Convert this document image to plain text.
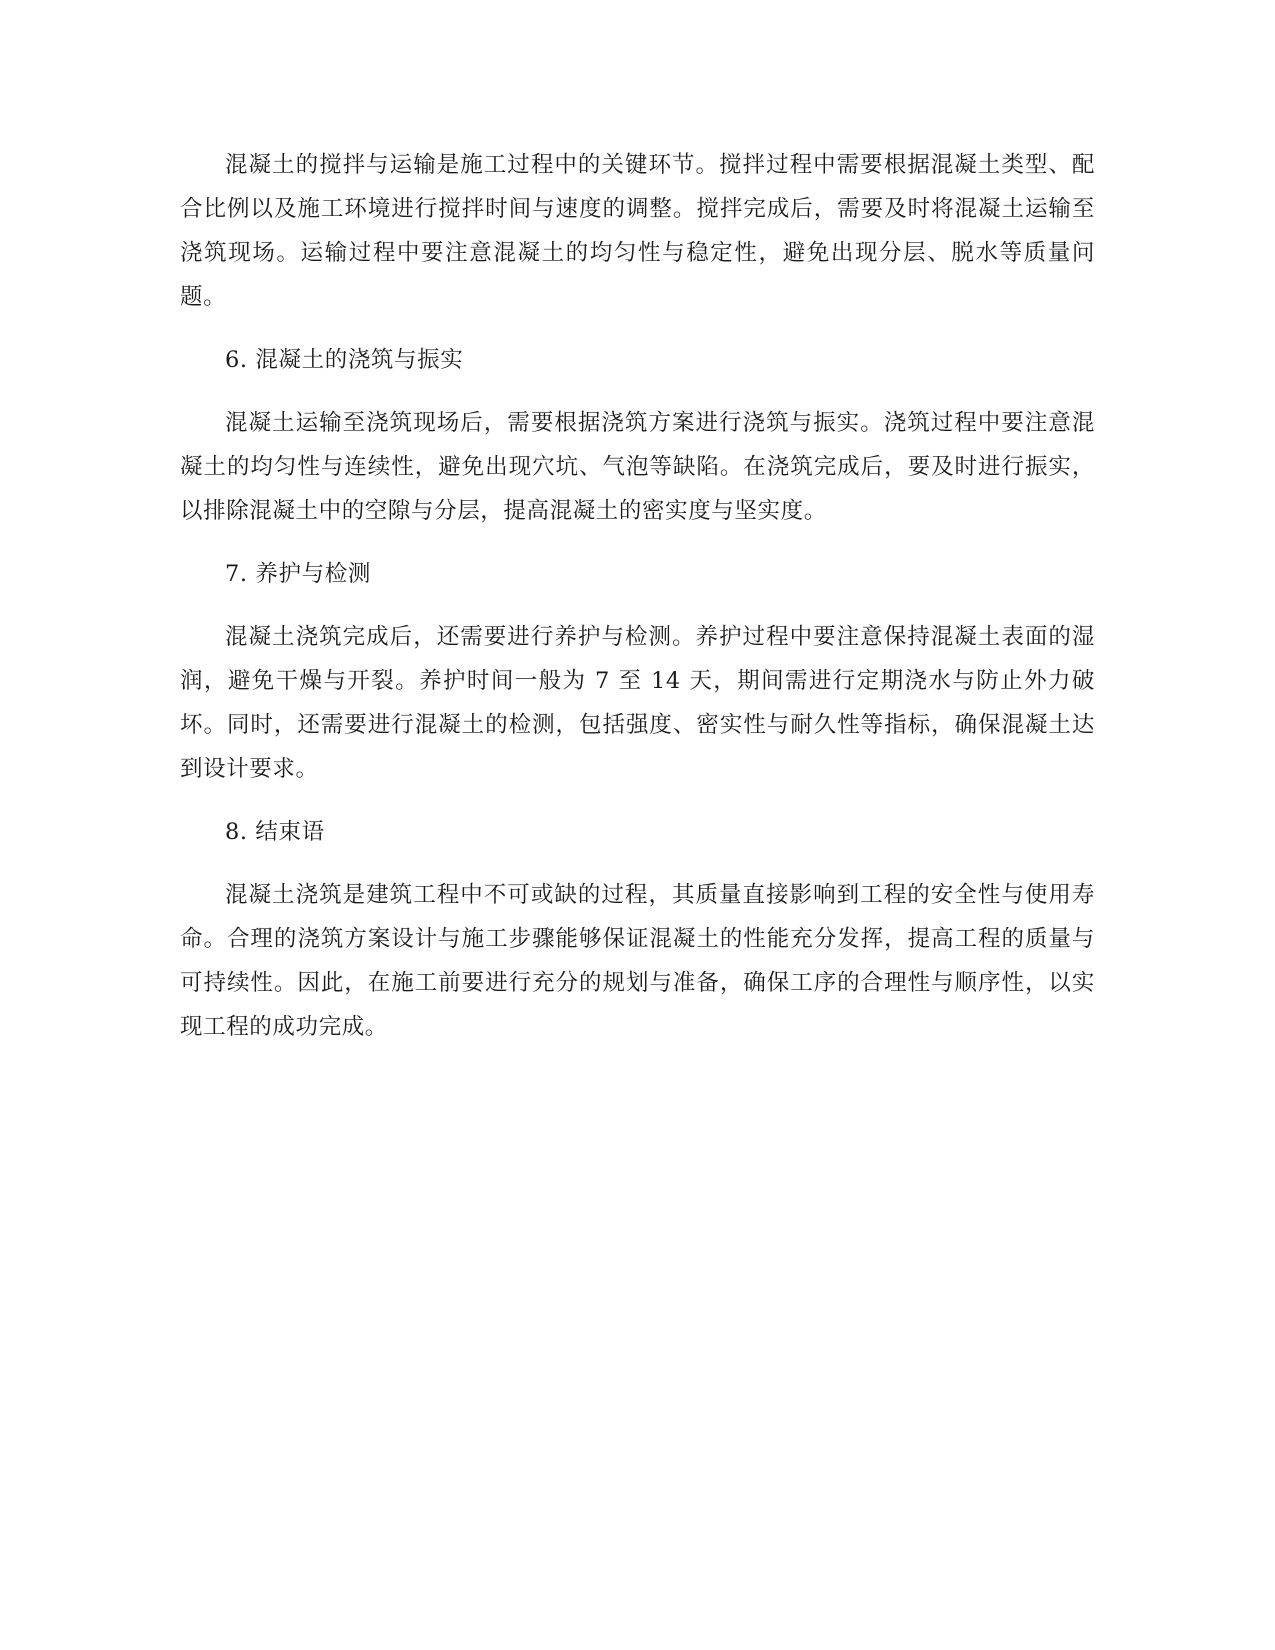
混凝土的搅拌与运输是施工过程中的关键环节。搅拌过程中需要根据混凝土类型、配合比例以及施工环境进行搅拌时间与速度的调整。搅拌完成后，需要及时将混凝土运输至浇筑现场。运输过程中要注意混凝土的均匀性与稳定性，避免出现分层、脱水等质量问题。

6. 混凝土的浇筑与振实

混凝土运输至浇筑现场后，需要根据浇筑方案进行浇筑与振实。浇筑过程中要注意混凝土的均匀性与连续性，避免出现穴坑、气泡等缺陷。在浇筑完成后，要及时进行振实，以排除混凝土中的空隙与分层，提高混凝土的密实度与坚实度。

7. 养护与检测

混凝土浇筑完成后，还需要进行养护与检测。养护过程中要注意保持混凝土表面的湿润，避免干燥与开裂。养护时间一般为 7 至 14 天，期间需进行定期浇水与防止外力破坏。同时，还需要进行混凝土的检测，包括强度、密实性与耐久性等指标，确保混凝土达到设计要求。

8. 结束语

混凝土浇筑是建筑工程中不可或缺的过程，其质量直接影响到工程的安全性与使用寿命。合理的浇筑方案设计与施工步骤能够保证混凝土的性能充分发挥，提高工程的质量与可持续性。因此，在施工前要进行充分的规划与准备，确保工序的合理性与顺序性，以实现工程的成功完成。
